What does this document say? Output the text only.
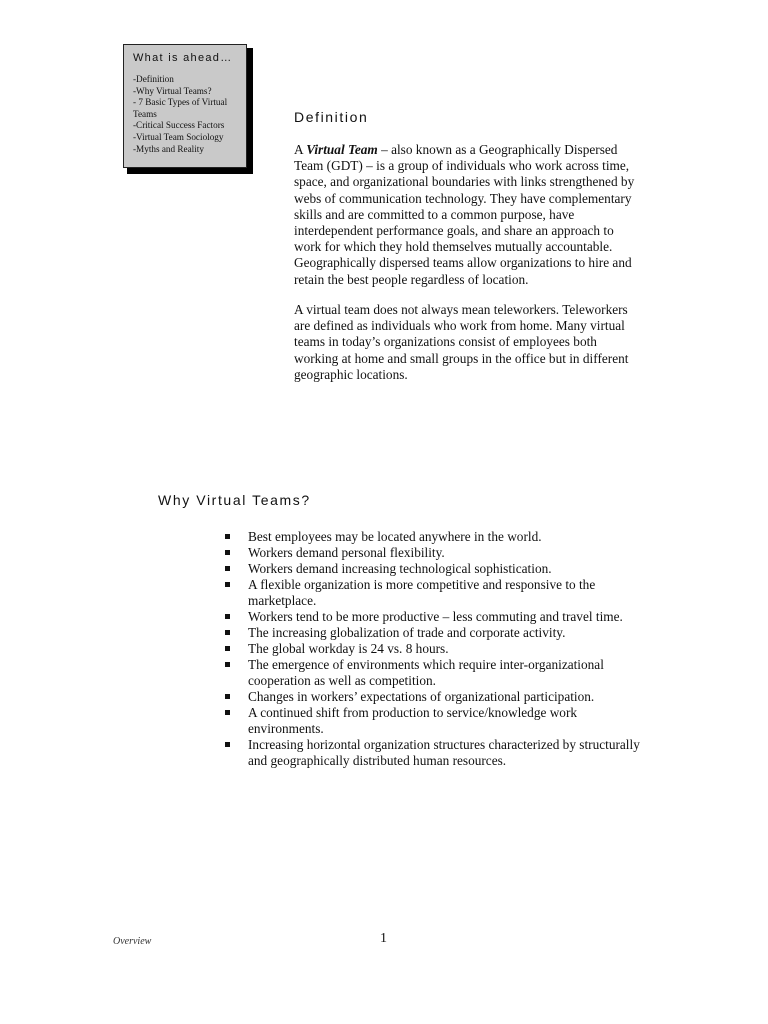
What is ahead…
-Definition
-Why Virtual Teams?
- 7 Basic Types of Virtual
Teams
-Critical Success Factors
-Virtual Team Sociology
-Myths and Reality
Definition
A Virtual Team – also known as a Geographically Dispersed Team (GDT) – is a group of individuals who work across time, space, and organizational boundaries with links strengthened by webs of communication technology. They have complementary skills and are committed to a common purpose, have interdependent performance goals, and share an approach to work for which they hold themselves mutually accountable. Geographically dispersed teams allow organizations to hire and retain the best people regardless of location.
A virtual team does not always mean teleworkers. Teleworkers are defined as individuals who work from home. Many virtual teams in today’s organizations consist of employees both working at home and small groups in the office but in different geographic locations.
Why Virtual Teams?
Best employees may be located anywhere in the world.
Workers demand personal flexibility.
Workers demand increasing technological sophistication.
A flexible organization is more competitive and responsive to the marketplace.
Workers tend to be more productive – less commuting and travel time.
The increasing globalization of trade and corporate activity.
The global workday is 24 vs. 8 hours.
The emergence of environments which require inter-organizational cooperation as well as competition.
Changes in workers’ expectations of organizational participation.
A continued shift from production to service/knowledge work environments.
Increasing horizontal organization structures characterized by structurally and geographically distributed human resources.
Overview	1
